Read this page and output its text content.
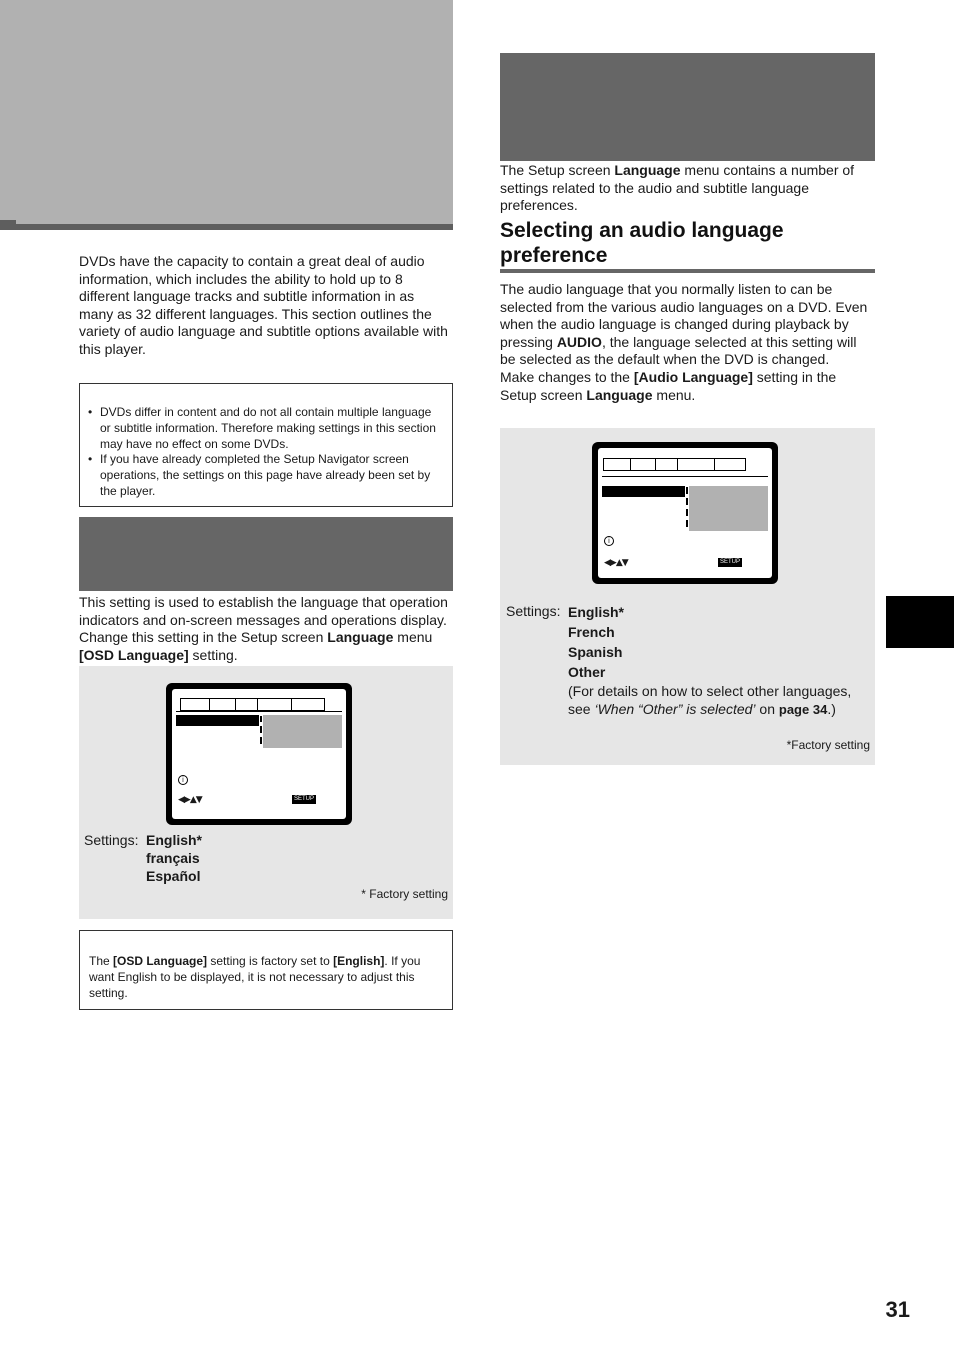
DVDs have the capacity to contain a great deal of audio information, which includes the ability to hold up to 8 different language tracks and subtitle information in as many as 32 different languages. This section outlines the variety of audio language and subtitle options available with this player.

• DVDs differ in content and do not all contain multiple language or subtitle information. Therefore making settings in this section may have no effect on some DVDs.
• If you have already completed the Setup Navigator screen operations, the settings on this page have already been set by the player.

This setting is used to establish the language that operation indicators and on-screen messages and operations display. Change this setting in the Setup screen Language menu [OSD Language] setting.

i
◀▶▲▼	SETUP
Settings: English*
français
Español
* Factory setting

The [OSD Language] setting is factory set to [English]. If you want English to be displayed, it is not necessary to adjust this setting.

The Setup screen Language menu contains a number of settings related to the audio and subtitle language preferences.

Selecting an audio language preference

The audio language that you normally listen to can be selected from the various audio languages on a DVD. Even when the audio language is changed during playback by pressing AUDIO, the language selected at this setting will be selected as the default when the DVD is changed.
Make changes to the [Audio Language] setting in the Setup screen Language menu.

i
◀▶▲▼	SETUP
Settings: English*
French
Spanish
Other
(For details on how to select other languages, see ‘When “Other” is selected’ on page 34.)
*Factory setting
31
